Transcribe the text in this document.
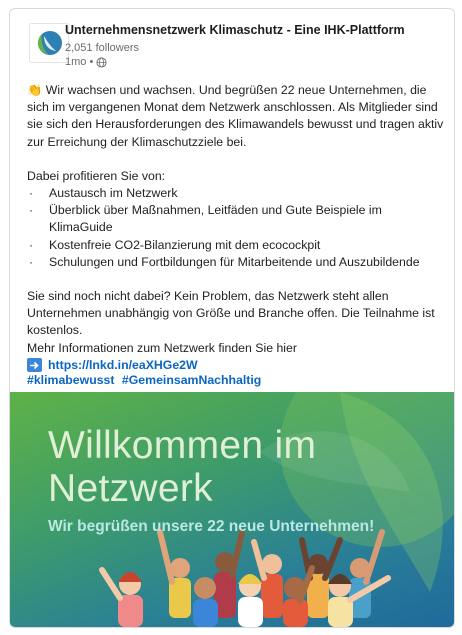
Unternehmensnetzwerk Klimaschutz - Eine IHK-Plattform
2,051 followers
1mo •

👏 Wir wachsen und wachsen. Und begrüßen 22 neue Unternehmen, die sich im vergangenen Monat dem Netzwerk anschlossen. Als Mitglieder sind sie sich den Herausforderungen des Klimawandels bewusst und tragen aktiv zur Erreichung der Klimaschutzziele bei.

Dabei profitieren Sie von:

·	Austausch im Netzwerk
·	Überblick über Maßnahmen, Leitfäden und Gute Beispiele im KlimaGuide
·	Kostenfreie CO2-Bilanzierung mit dem ecocockpit
·	Schulungen und Fortbildungen für Mitarbeitende und Auszubildende

Sie sind noch nicht dabei? Kein Problem, das Netzwerk steht allen Unternehmen unabhängig von Größe und Branche offen. Die Teilnahme ist kostenlos.

Mehr Informationen zum Netzwerk finden Sie hier

https://lnkd.in/eaXHGe2W
#klimabewusst #GemeinsamNachhaltig
Willkommen im
Netzwerk
Wir begrüßen unsere 22 neue Unternehmen!
